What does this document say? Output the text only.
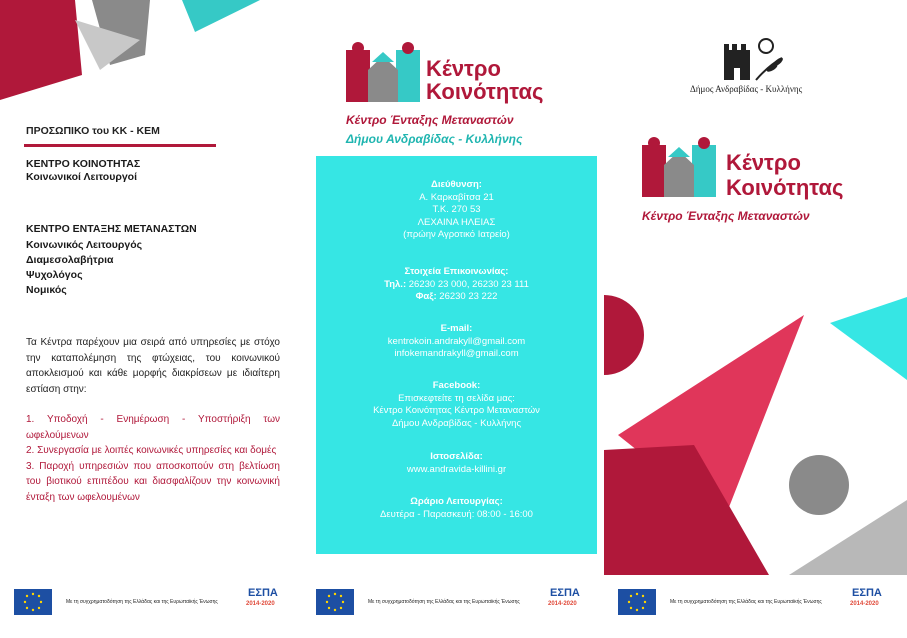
ΠΡΟΣΩΠΙΚΟ του ΚΚ - ΚΕΜ
ΚΕΝΤΡΟ ΚΟΙΝΟΤΗΤΑΣ
Κοινωνικοί Λειτουργοί
ΚΕΝΤΡΟ ΕΝΤΑΞΗΣ ΜΕΤΑΝΑΣΤΩΝ
Κοινωνικός Λειτουργός
Διαμεσολαβήτρια
Ψυχολόγος
Νομικός
Τα Κέντρα παρέχουν μια σειρά από υπηρεσίες με στόχο την καταπολέμηση της φτώχειας, του κοινωνικού αποκλεισμού και κάθε μορφής διακρίσεων με ιδιαίτερη εστίαση στην:
1. Υποδοχή - Ενημέρωση - Υποστήριξη των ωφελούμενων
2. Συνεργασία με λοιπές κοινωνικές υπηρεσίες και δομές
3. Παροχή υπηρεσιών που αποσκοπούν στη βελτίωση του βιοτικού επιπέδου και διασφαλίζουν την κοινωνική ένταξη των ωφελουμένων
Με τη συγχρηματοδότηση της Ελλάδας και της Ευρωπαϊκής Ένωσης
ΕΣΠΑ
2014-2020
Κέντρο
Κοινότητας
Κέντρο Ένταξης Μεταναστών
Δήμου Ανδραβίδας - Κυλλήνης
Διεύθυνση:
Α. Καρκαβίτσα 21
Τ.Κ. 270 53
ΛΕΧΑΙΝΑ ΗΛΕΙΑΣ
(πρώην Αγροτικό Ιατρείο)
Στοιχεία Επικοινωνίας:
Τηλ.: 26230 23 000, 26230 23 111
Φαξ: 26230 23 222
E-mail:
kentrokoin.andrakyll@gmail.com
infokemandrakyll@gmail.com
Facebook:
Επισκεφτείτε τη σελίδα μας:
Κέντρο Κοινότητας Κέντρο Μεταναστών
Δήμου Ανδραβίδας - Κυλλήνης
Ιστοσελίδα:
www.andravida-killini.gr
Ωράριο Λειτουργίας:
Δευτέρα - Παρασκευή: 08:00 - 16:00
Με τη συγχρηματοδότηση της Ελλάδας και της Ευρωπαϊκής Ένωσης
ΕΣΠΑ
2014-2020
Δήμος Ανδραβίδας - Κυλλήνης
Κέντρο
Κοινότητας
Κέντρο Ένταξης Μεταναστών
Με τη συγχρηματοδότηση της Ελλάδας και της Ευρωπαϊκής Ένωσης
ΕΣΠΑ
2014-2020
